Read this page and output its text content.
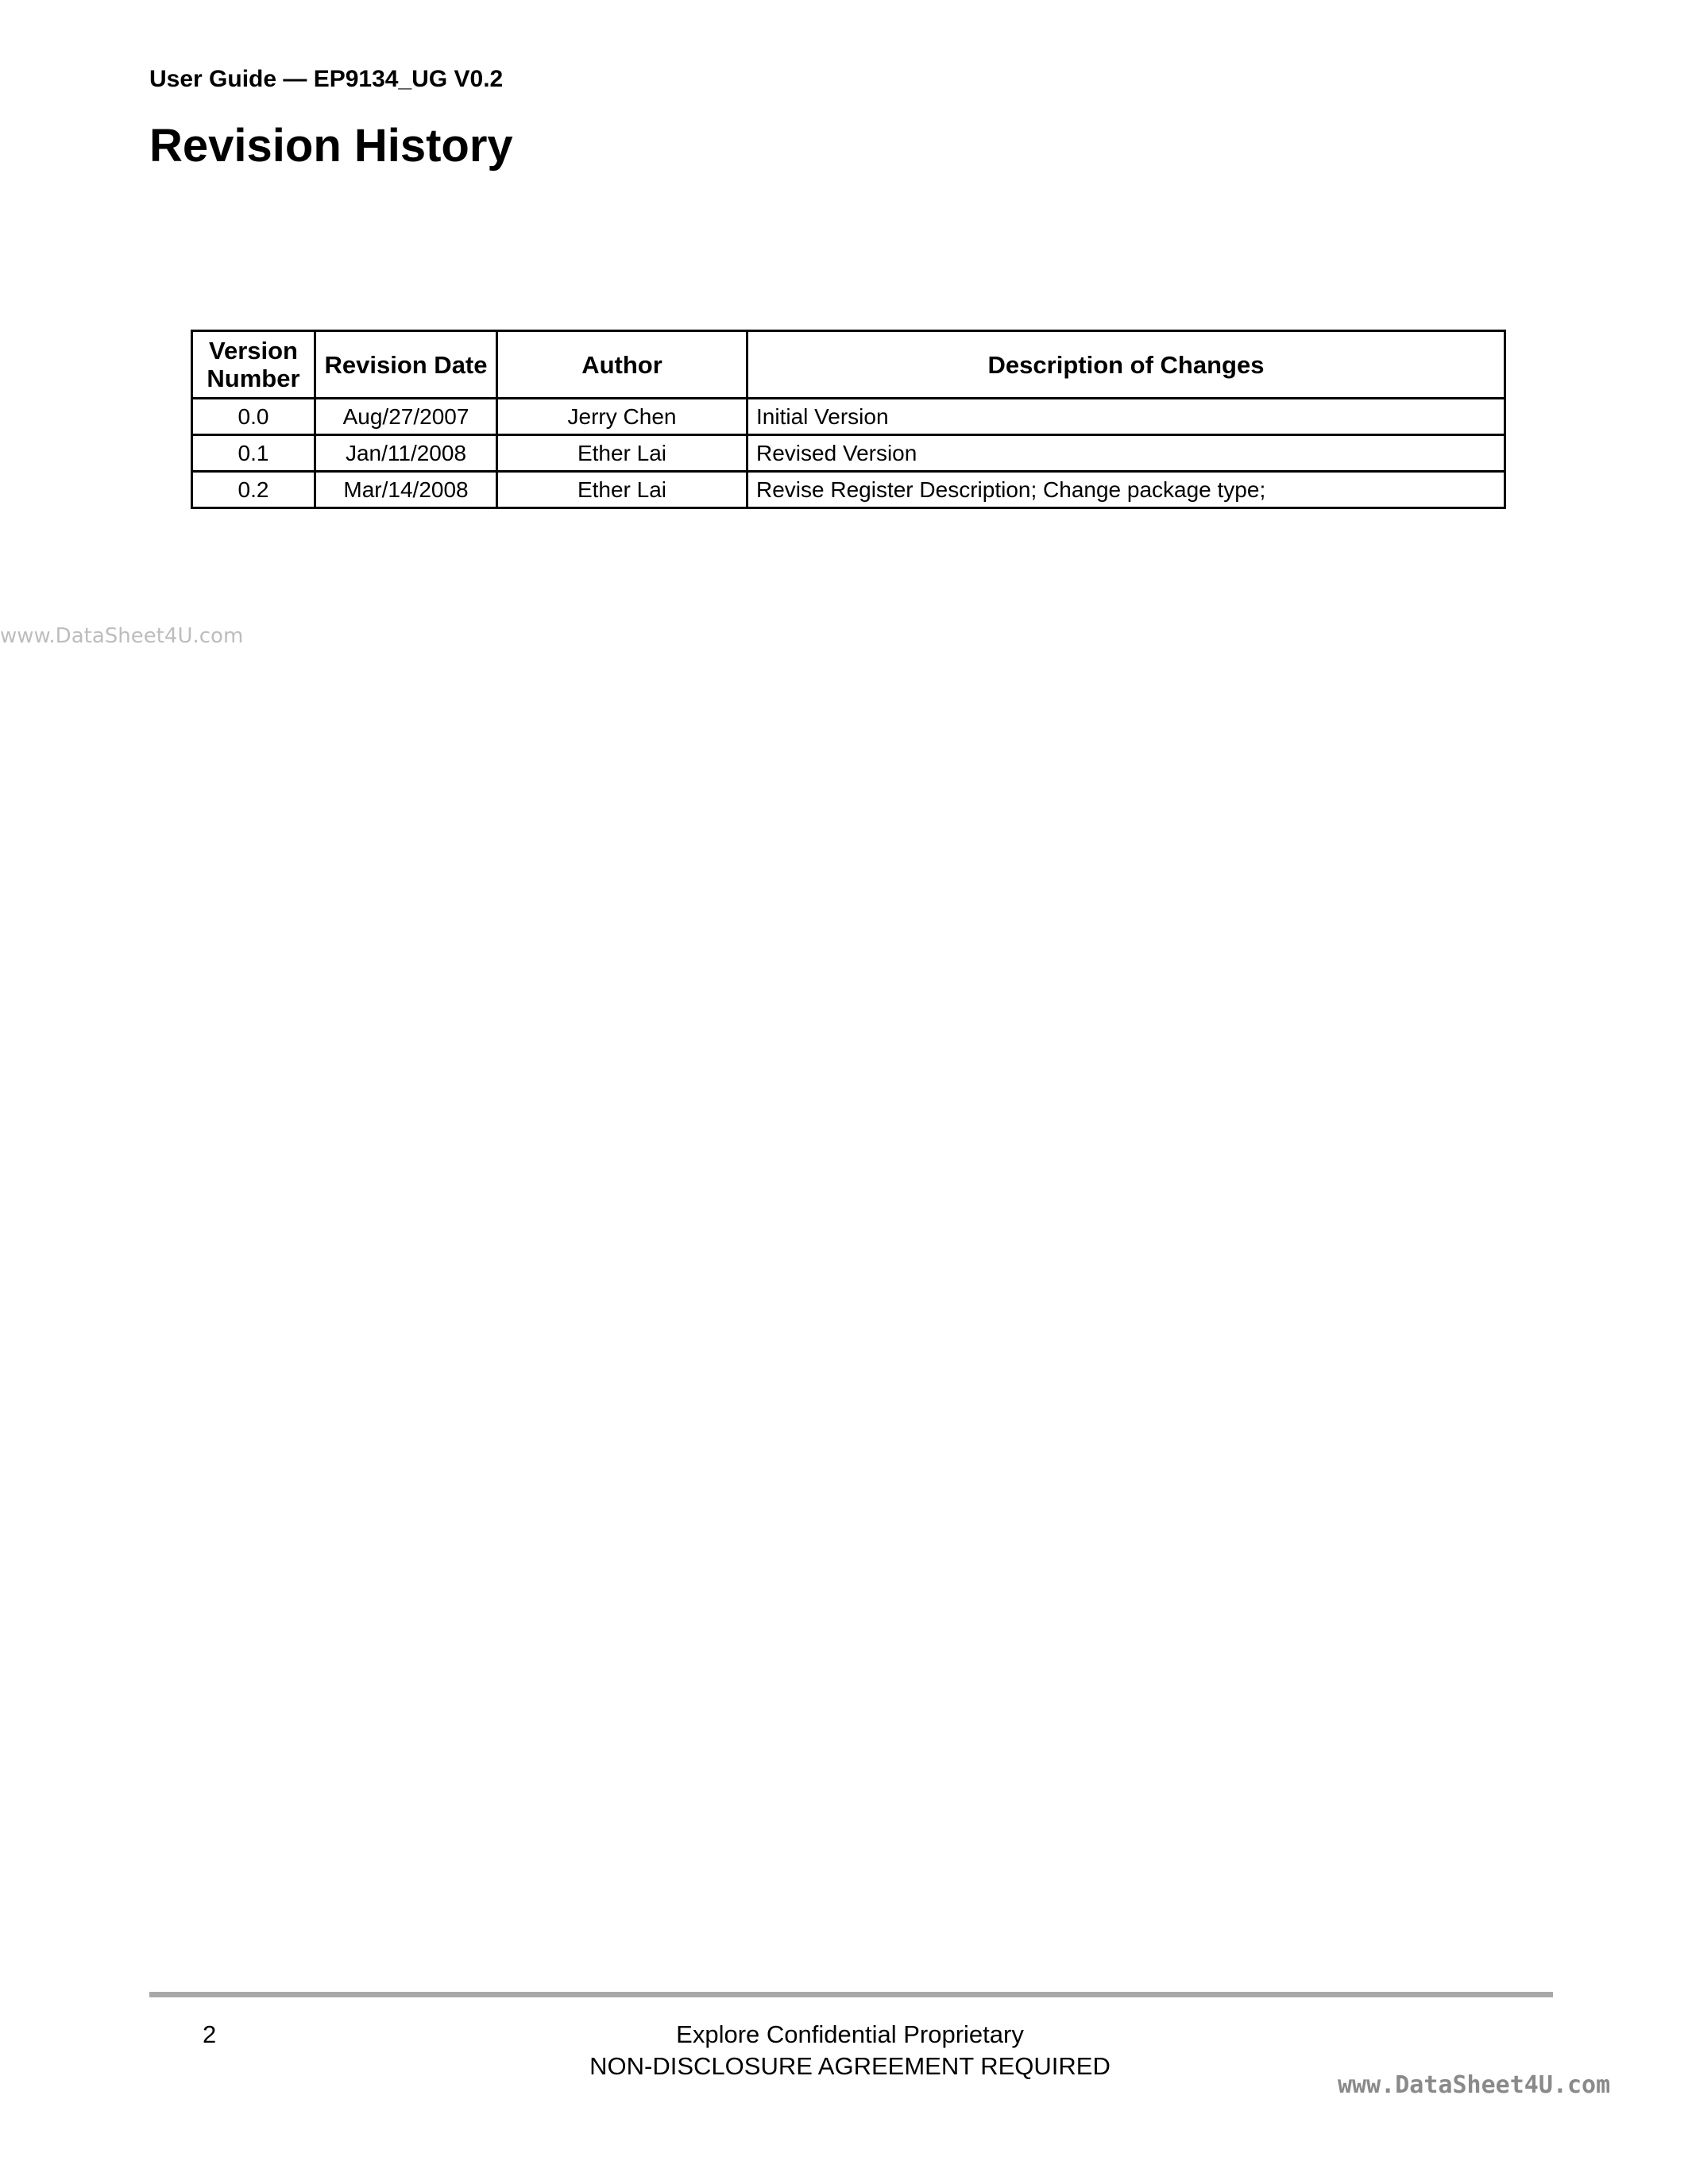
User Guide — EP9134_UG V0.2
Revision History
www.DataSheet4U.com
Version Number	Revision Date	Author	Description of Changes
0.0	Aug/27/2007	Jerry Chen	Initial Version
0.1	Jan/11/2008	Ether Lai	Revised Version
0.2	Mar/14/2008	Ether Lai	Revise Register Description; Change package type;
2	Explore Confidential Proprietary
NON-DISCLOSURE AGREEMENT REQUIRED
www.DataSheet4U.com
